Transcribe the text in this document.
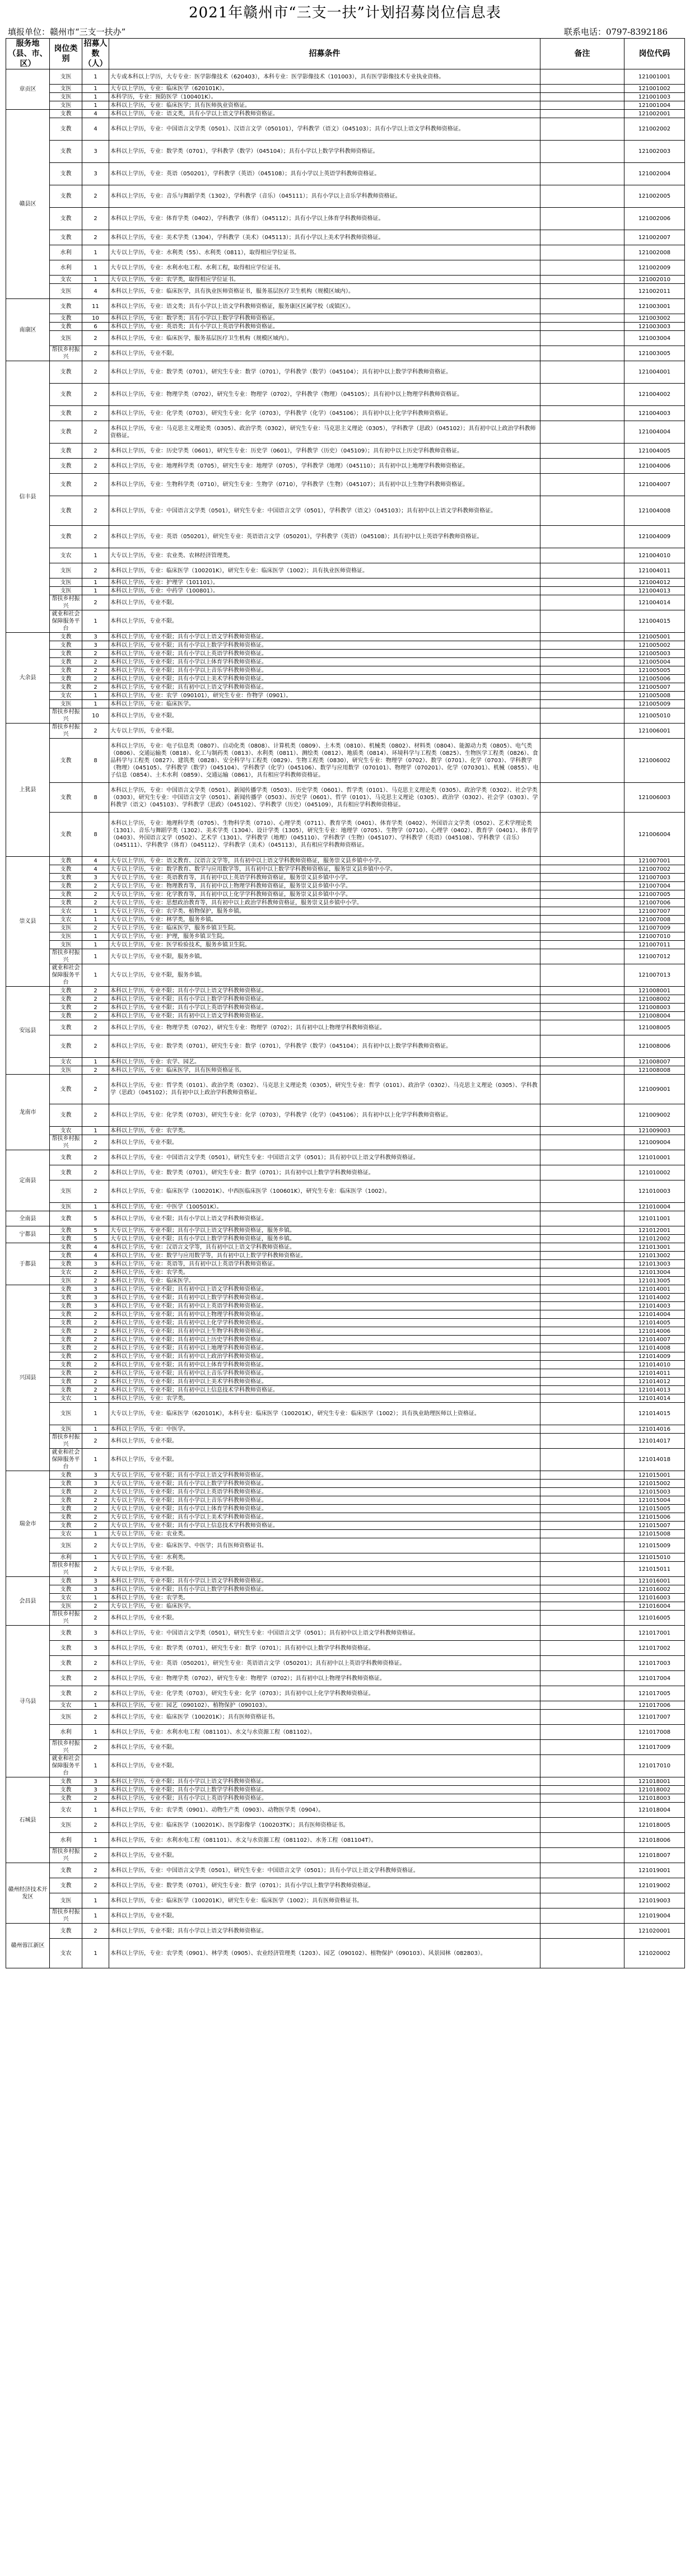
2021年赣州市“三支一扶”计划招募岗位信息表
填报单位：赣州市“三支一扶办”	联系电话：0797-8392186
服务地（县、市、区）	岗位类别	招募人数（人）	招募条件	备注	岗位代码
章贡区	支医	1	大专或本科以上学历，大专专业：医学影像技术（620403），本科专业：医学影像技术（101003），具有医学影像技术专业执业资格。		121001001
	支医	1	大专以上学历，专业：临床医学（620101K）。		121001002
	支医	1	本科学历，专业：预防医学（100401K）。		121001003
	支医	1	本科以上学历，专业：临床医学；具有医师执业资格证。		121001004
赣县区	支教	4	本科以上学历，专业：语文类，具有小学以上语文学科教师资格证。		121002001
	支教	4	本科以上学历，专业：中国语言文学类（0501）、汉语言文学（050101），学科教学（语文）（045103）；具有小学以上语文学科教师资格证。		121002002
	支教	3	本科以上学历，专业：数学类（0701），学科教学（数学）（045104）；具有小学以上数学学科教师资格证。		121002003
	支教	3	本科以上学历，专业：英语（050201），学科教学（英语）（045108）；具有小学以上英语学科教师资格证。		121002004
	支教	2	本科以上学历，专业：音乐与舞蹈学类（1302），学科教学（音乐）（045111）；具有小学以上音乐学科教师资格证。		121002005
	支教	2	本科以上学历，专业：体育学类（0402），学科教学（体育）（045112）；具有小学以上体育学科教师资格证。		121002006
	支教	2	本科以上学历，专业：美术学类（1304），学科教学（美术）（045113）；具有小学以上美术学科教师资格证。		121002007
	水利	1	大专以上学历，专业：水利类（55）、水利类（0811），取得相应学位证书。		121002008
	水利	1	大专以上学历，专业：水利水电工程、水利工程，取得相应学位证书。		121002009
	支农	1	大专以上学历，专业：农学类，取得相应学位证书。		121002010
	支医	4	本科以上学历，专业：临床医学，具有执业医师资格证书，服务基层医疗卫生机构（规模区域内）。		121002011
南康区	支教	11	本科以上学历，专业：语文类；具有小学以上语文学科教师资格证，服务康区区属学校（或镇区）。		121003001
	支教	10	本科以上学历，专业：数学类；具有小学以上数学学科教师资格证。		121003002
	支教	6	本科以上学历，专业：英语类；具有小学以上英语学科教师资格证。		121003003
	支医	2	本科以上学历，专业：临床医学，服务基层医疗卫生机构（规模区域内）。		121003004
	帮扶乡村振兴	2	本科以上学历，专业不限。		121003005
信丰县	支教	2	本科以上学历，专业：数学类（0701），研究生专业：数学（0701），学科教学（数学）（045104）；具有初中以上数学学科教师资格证。		121004001
	支教	2	本科以上学历，专业：物理学类（0702），研究生专业：物理学（0702），学科教学（物理）（045105）；具有初中以上物理学科教师资格证。		121004002
	支教	2	本科以上学历，专业：化学类（0703），研究生专业：化学（0703），学科教学（化学）（045106）；具有初中以上化学学科教师资格证。		121004003
	支教	2	本科以上学历，专业：马克思主义理论类（0305）、政治学类（0302），研究生专业：马克思主义理论（0305），学科教学（思政）（045102）；具有初中以上政治学科教师资格证。		121004004
	支教	2	本科以上学历，专业：历史学类（0601），研究生专业：历史学（0601），学科教学（历史）（045109）；具有初中以上历史学科教师资格证。		121004005
	支教	2	本科以上学历，专业：地理科学类（0705），研究生专业：地理学（0705），学科教学（地理）（045110）；具有初中以上地理学科教师资格证。		121004006
	支教	2	本科以上学历，专业：生物科学类（0710），研究生专业：生物学（0710），学科教学（生物）（045107）；具有初中以上生物学科教师资格证。		121004007
	支教	2	本科以上学历，专业：中国语言文学类（0501），研究生专业：中国语言文学（0501），学科教学（语文）（045103）；具有初中以上语文学科教师资格证。		121004008
	支教	2	本科以上学历，专业：英语（050201），研究生专业：英语语言文学（050201），学科教学（英语）（045108）；具有初中以上英语学科教师资格证。		121004009
	支农	1	大专以上学历，专业：农业类、农林经济管理类。		121004010
	支医	2	本科以上学历，专业：临床医学（100201K），研究生专业：临床医学（1002）；具有执业医师资格证。		121004011
	支医	1	本科以上学历，专业：护理学（101101）。		121004012
	支医	1	本科以上学历，专业：中药学（100801）。		121004013
	帮扶乡村振兴	2	本科以上学历，专业不限。		121004014
	就业和社会保障服务平台	1	本科以上学历，专业不限。		121004015
大余县	支教	3	本科以上学历，专业不限；具有小学以上语文学科教师资格证。		121005001
	支教	3	本科以上学历，专业不限；具有小学以上数学学科教师资格证。		121005002
	支教	2	本科以上学历，专业不限；具有小学以上英语学科教师资格证。		121005003
	支教	2	本科以上学历，专业不限；具有小学以上体育学科教师资格证。		121005004
	支教	2	本科以上学历，专业不限；具有小学以上音乐学科教师资格证。		121005005
	支教	2	本科以上学历，专业不限；具有小学以上美术学科教师资格证。		121005006
	支教	2	本科以上学历，专业不限；具有初中以上语文学科教师资格证。		121005007
	支农	1	本科以上学历，专业：农学（090101），研究生专业：作物学（0901）。		121005008
	支医	1	本科以上学历，专业：临床医学。		121005009
	帮扶乡村振兴	10	本科以上学历，专业不限。		121005010
上犹县	帮扶乡村振兴	2	大专以上学历，专业不限。		121006001
	支教	8	本科以上学历，专业：电子信息类（0807）、自动化类（0808）、计算机类（0809）、土木类（0810）、机械类（0802）、材料类（0804）、能源动力类（0805）、电气类（0806）、交通运输类（0818）、化工与制药类（0813）、水利类（0811）、测绘类（0812）、地质类（0814）、环境科学与工程类（0825）、生物医学工程类（0826）、食品科学与工程类（0827）、建筑类（0828）、安全科学与工程类（0829）、生物工程类（0830），研究生专业：物理学（0702）、数学（0701）、化学（0703）、学科教学（物理）（045105）、学科教学（数学）（045104）、学科教学（化学）（045106）、数学与应用数学（070101）、物理学（070201）、化学（070301）、机械（0855）、电子信息（0854）、土木水利（0859）、交通运输（0861），具有相应学科教师资格证。		121006002
	支教	8	本科以上学历，专业：中国语言文学类（0501）、新闻传播学类（0503）、历史学类（0601）、哲学类（0101）、马克思主义理论类（0305）、政治学类（0302）、社会学类（0303），研究生专业：中国语言文学（0501）、新闻传播学（0503）、历史学（0601）、哲学（0101）、马克思主义理论（0305）、政治学（0302）、社会学（0303）、学科教学（语文）（045103）、学科教学（思政）（045102）、学科教学（历史）（045109），具有相应学科教师资格证。		121006003
	支教	8	本科以上学历，专业：地理科学类（0705）、生物科学类（0710）、心理学类（0711）、教育学类（0401）、体育学类（0402）、外国语言文学类（0502）、艺术学理论类（1301）、音乐与舞蹈学类（1302）、美术学类（1304）、设计学类（1305），研究生专业：地理学（0705）、生物学（0710）、心理学（0402）、教育学（0401）、体育学（0403）、外国语言文学（0502）、艺术学（1301）、学科教学（地理）（045110）、学科教学（生物）（045107）、学科教学（英语）（045108）、学科教学（音乐）（045111）、学科教学（体育）（045112）、学科教学（美术）（045113），具有相应学科教师资格证。		121006004
崇义县	支教	4	大专以上学历，专业：语文教育、汉语言文学等，具有初中以上语文学科教师资格证，服务崇义县乡镇中小学。		121007001
	支教	4	大专以上学历，专业：数学教育、数学与应用数学等，具有初中以上数学学科教师资格证，服务崇义县乡镇中小学。		121007002
	支教	3	大专以上学历，专业：英语教育等，具有初中以上英语学科教师资格证，服务崇义县乡镇中小学。		121007003
	支教	2	大专以上学历，专业：物理教育等，具有初中以上物理学科教师资格证，服务崇义县乡镇中小学。		121007004
	支教	2	大专以上学历，专业：化学教育等，具有初中以上化学学科教师资格证，服务崇义县乡镇中小学。		121007005
	支教	2	大专以上学历，专业：思想政治教育等，具有初中以上政治学科教师资格证，服务崇义县乡镇中小学。		121007006
	支农	1	大专以上学历，专业：农学类、植物保护，服务乡镇。		121007007
	支农	1	大专以上学历，专业：林学类，服务乡镇。		121007008
	支医	2	大专以上学历，专业：临床医学，服务乡镇卫生院。		121007009
	支医	1	大专以上学历，专业：护理，服务乡镇卫生院。		121007010
	支医	1	大专以上学历，专业：医学检验技术，服务乡镇卫生院。		121007011
	帮扶乡村振兴	1	大专以上学历，专业不限，服务乡镇。		121007012
	就业和社会保障服务平台	1	大专以上学历，专业不限，服务乡镇。		121007013
安远县	支教	2	本科以上学历，专业不限；具有小学以上语文学科教师资格证。		121008001
	支教	2	本科以上学历，专业不限；具有小学以上数学学科教师资格证。		121008002
	支教	2	本科以上学历，专业不限；具有小学以上英语学科教师资格证。		121008003
	支教	2	本科以上学历，专业不限；具有初中以上语文学科教师资格证。		121008004
	支教	2	本科以上学历，专业：物理学类（0702），研究生专业：物理学（0702）；具有初中以上物理学科教师资格证。		121008005
	支教	2	本科以上学历，专业：数学类（0701），研究生专业：数学（0701），学科教学（数学）（045104）；具有初中以上数学学科教师资格证。		121008006
	支农	1	本科以上学历，专业：农学、园艺。		121008007
	支医	2	本科以上学历，专业：临床医学，具有医师资格证书。		121008008
龙南市	支教	2	本科以上学历，专业：哲学类（0101）、政治学类（0302）、马克思主义理论类（0305），研究生专业：哲学（0101）、政治学（0302）、马克思主义理论（0305）、学科教学（思政）（045102）；具有初中以上政治学科教师资格证。		121009001
	支教	2	本科以上学历，专业：化学类（0703），研究生专业：化学（0703），学科教学（化学）（045106）；具有初中以上化学学科教师资格证。		121009002
	支农	1	本科以上学历，专业：农学类。		121009003
	帮扶乡村振兴	2	本科以上学历，专业不限。		121009004
定南县	支教	2	本科以上学历，专业：中国语言文学类（0501），研究生专业：中国语言文学（0501）；具有初中以上语文学科教师资格证。		121010001
	支教	2	本科以上学历，专业：数学类（0701），研究生专业：数学（0701）；具有初中以上数学学科教师资格证。		121010002
	支医	2	本科以上学历，专业：临床医学（100201K）、中西医临床医学（100601K），研究生专业：临床医学（1002）。		121010003
	支医	1	本科以上学历，专业：中医学（100501K）。		121010004
全南县	支教	5	本科以上学历，专业不限；具有小学以上语文学科教师资格证。		121011001
宁都县	支教	5	大专以上学历，专业不限；具有小学以上语文学科教师资格证，服务乡镇。		121012001
	支教	5	大专以上学历，专业不限；具有小学以上数学学科教师资格证，服务乡镇。		121012002
于都县	支教	4	本科以上学历，专业：汉语言文学等，具有初中以上语文学科教师资格证。		121013001
	支教	4	本科以上学历，专业：数学与应用数学等，具有初中以上数学学科教师资格证。		121013002
	支教	3	本科以上学历，专业：英语等，具有初中以上英语学科教师资格证。		121013003
	支农	2	本科以上学历，专业：农学类。		121013004
	支医	2	本科以上学历，专业：临床医学。		121013005
兴国县	支教	3	本科以上学历，专业不限；具有初中以上语文学科教师资格证。		121014001
	支教	3	本科以上学历，专业不限；具有初中以上数学学科教师资格证。		121014002
	支教	3	本科以上学历，专业不限；具有初中以上英语学科教师资格证。		121014003
	支教	2	本科以上学历，专业不限；具有初中以上物理学科教师资格证。		121014004
	支教	2	本科以上学历，专业不限；具有初中以上化学学科教师资格证。		121014005
	支教	2	本科以上学历，专业不限；具有初中以上生物学科教师资格证。		121014006
	支教	2	本科以上学历，专业不限；具有初中以上历史学科教师资格证。		121014007
	支教	2	本科以上学历，专业不限；具有初中以上地理学科教师资格证。		121014008
	支教	2	本科以上学历，专业不限；具有初中以上政治学科教师资格证。		121014009
	支教	2	本科以上学历，专业不限；具有初中以上体育学科教师资格证。		121014010
	支教	2	本科以上学历，专业不限；具有初中以上音乐学科教师资格证。		121014011
	支教	2	本科以上学历，专业不限；具有初中以上美术学科教师资格证。		121014012
	支教	2	本科以上学历，专业不限；具有初中以上信息技术学科教师资格证。		121014013
	支农	1	本科以上学历，专业：农学类。		121014014
	支医	1	大专以上学历，专业：临床医学（620101K），本科专业：临床医学（100201K），研究生专业：临床医学（1002）；具有执业助理医师以上资格证。		121014015
	支医	1	本科以上学历，专业：中医学。		121014016
	帮扶乡村振兴	2	本科以上学历，专业不限。		121014017
	就业和社会保障服务平台	1	本科以上学历，专业不限。		121014018
瑞金市	支教	3	大专以上学历，专业不限；具有小学以上语文学科教师资格证。		121015001
	支教	3	大专以上学历，专业不限；具有小学以上数学学科教师资格证。		121015002
	支教	2	大专以上学历，专业不限；具有小学以上英语学科教师资格证。		121015003
	支教	2	大专以上学历，专业不限；具有小学以上音乐学科教师资格证。		121015004
	支教	2	大专以上学历，专业不限；具有小学以上体育学科教师资格证。		121015005
	支教	2	大专以上学历，专业不限；具有小学以上美术学科教师资格证。		121015006
	支教	2	大专以上学历，专业不限；具有小学以上信息技术学科教师资格证。		121015007
	支农	1	大专以上学历，专业：农业类。		121015008
	支医	2	大专以上学历，专业：临床医学、中医学；具有医师资格证书。		121015009
	水利	1	大专以上学历，专业：水利类。		121015010
	帮扶乡村振兴	2	大专以上学历，专业不限。		121015011
会昌县	支教	3	本科以上学历，专业不限；具有小学以上语文学科教师资格证。		121016001
	支教	3	本科以上学历，专业不限；具有小学以上数学学科教师资格证。		121016002
	支农	1	本科以上学历，专业：农学类。		121016003
	支医	2	大专以上学历，专业：临床医学。		121016004
	帮扶乡村振兴	2	本科以上学历，专业不限。		121016005
寻乌县	支教	3	本科以上学历，专业：中国语言文学类（0501），研究生专业：中国语言文学（0501）；具有初中以上语文学科教师资格证。		121017001
	支教	3	本科以上学历，专业：数学类（0701），研究生专业：数学（0701）；具有初中以上数学学科教师资格证。		121017002
	支教	2	本科以上学历，专业：英语（050201），研究生专业：英语语言文学（050201）；具有初中以上英语学科教师资格证。		121017003
	支教	2	本科以上学历，专业：物理学类（0702），研究生专业：物理学（0702）；具有初中以上物理学科教师资格证。		121017004
	支教	2	本科以上学历，专业：化学类（0703），研究生专业：化学（0703）；具有初中以上化学学科教师资格证。		121017005
	支农	1	本科以上学历，专业：园艺（090102）、植物保护（090103）。		121017006
	支医	2	本科以上学历，专业：临床医学（100201K）；具有医师资格证书。		121017007
	水利	1	本科以上学历，专业：水利水电工程（081101）、水文与水资源工程（081102）。		121017008
	帮扶乡村振兴	2	本科以上学历，专业不限。		121017009
	就业和社会保障服务平台	1	本科以上学历，专业不限。		121017010
石城县	支教	3	本科以上学历，专业不限；具有小学以上语文学科教师资格证。		121018001
	支教	3	本科以上学历，专业不限；具有小学以上数学学科教师资格证。		121018002
	支教	2	本科以上学历，专业不限；具有小学以上英语学科教师资格证。		121018003
	支农	1	本科以上学历，专业：农学类（0901）、动物生产类（0903）、动物医学类（0904）。		121018004
	支医	2	本科以上学历，专业：临床医学（100201K）、医学影像学（100203TK）；具有医师资格证书。		121018005
	水利	1	本科以上学历，专业：水利水电工程（081101）、水文与水资源工程（081102）、水务工程（081104T）。		121018006
	帮扶乡村振兴	2	本科以上学历，专业不限。		121018007
赣州经济技术开发区	支教	2	本科以上学历，专业：中国语言文学类（0501），研究生专业：中国语言文学（0501）；具有小学以上语文学科教师资格证。		121019001
	支教	2	本科以上学历，专业：数学类（0701），研究生专业：数学（0701）；具有小学以上数学学科教师资格证。		121019002
	支医	1	本科以上学历，专业：临床医学（100201K），研究生专业：临床医学（1002）；具有医师资格证书。		121019003
	帮扶乡村振兴	1	本科以上学历，专业不限。		121019004
赣州蓉江新区	支教	2	本科以上学历，专业不限；具有小学以上语文学科教师资格证。		121020001
	支农	1	本科以上学历，专业：农学类（0901）、林学类（0905）、农业经济管理类（1203）、园艺（090102）、植物保护（090103）、风景园林（082803）。		121020002
